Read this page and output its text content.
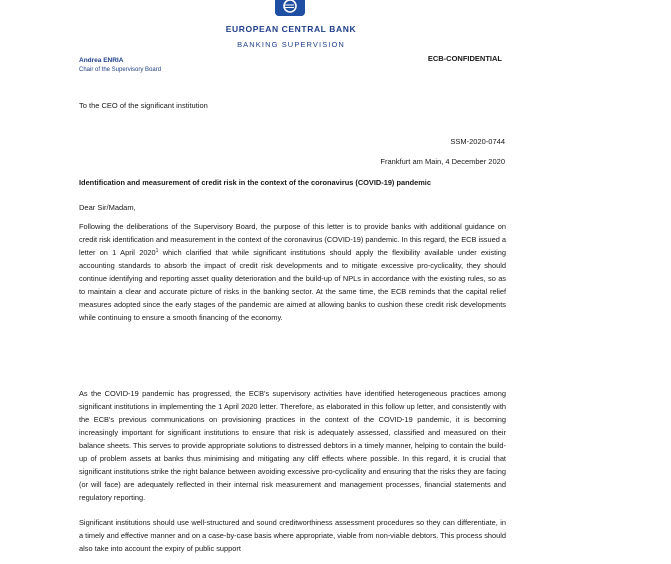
EUROPEAN CENTRAL BANK
BANKING SUPERVISION
Andrea ENRIA
Chair of the Supervisory Board
ECB-CONFIDENTIAL
To the CEO of the significant institution
SSM-2020-0744
Frankfurt am Main, 4 December 2020
Identification and measurement of credit risk in the context of the coronavirus (COVID-19) pandemic
Dear Sir/Madam,
Following the deliberations of the Supervisory Board, the purpose of this letter is to provide banks with additional guidance on credit risk identification and measurement in the context of the coronavirus (COVID-19) pandemic. In this regard, the ECB issued a letter on 1 April 2020$^1$ which clarified that while significant institutions should apply the flexibility available under existing accounting standards to absorb the impact of credit risk developments and to mitigate excessive pro-cyclicality, they should continue identifying and reporting asset quality deterioration and the build-up of NPLs in accordance with the existing rules, so as to maintain a clear and accurate picture of risks in the banking sector. At the same time, the ECB reminds that the capital relief measures adopted since the early stages of the pandemic are aimed at allowing banks to cushion these credit risk developments while continuing to ensure a smooth financing of the economy.
As the COVID-19 pandemic has progressed, the ECB's supervisory activities have identified heterogeneous practices among significant institutions in implementing the 1 April 2020 letter. Therefore, as elaborated in this follow up letter, and consistently with the ECB's previous communications on provisioning practices in the context of the COVID-19 pandemic, it is becoming increasingly important for significant institutions to ensure that risk is adequately assessed, classified and measured on their balance sheets. This serves to provide appropriate solutions to distressed debtors in a timely manner, helping to contain the build-up of problem assets at banks thus minimising and mitigating any cliff effects where possible. In this regard, it is crucial that significant institutions strike the right balance between avoiding excessive pro-cyclicality and ensuring that the risks they are facing (or will face) are adequately reflected in their internal risk measurement and management processes, financial statements and regulatory reporting.
Significant institutions should use well-structured and sound creditworthiness assessment procedures so they can differentiate, in a timely and effective manner and on a case-by-case basis where appropriate, viable from non-viable debtors. This process should also take into account the expiry of public support
